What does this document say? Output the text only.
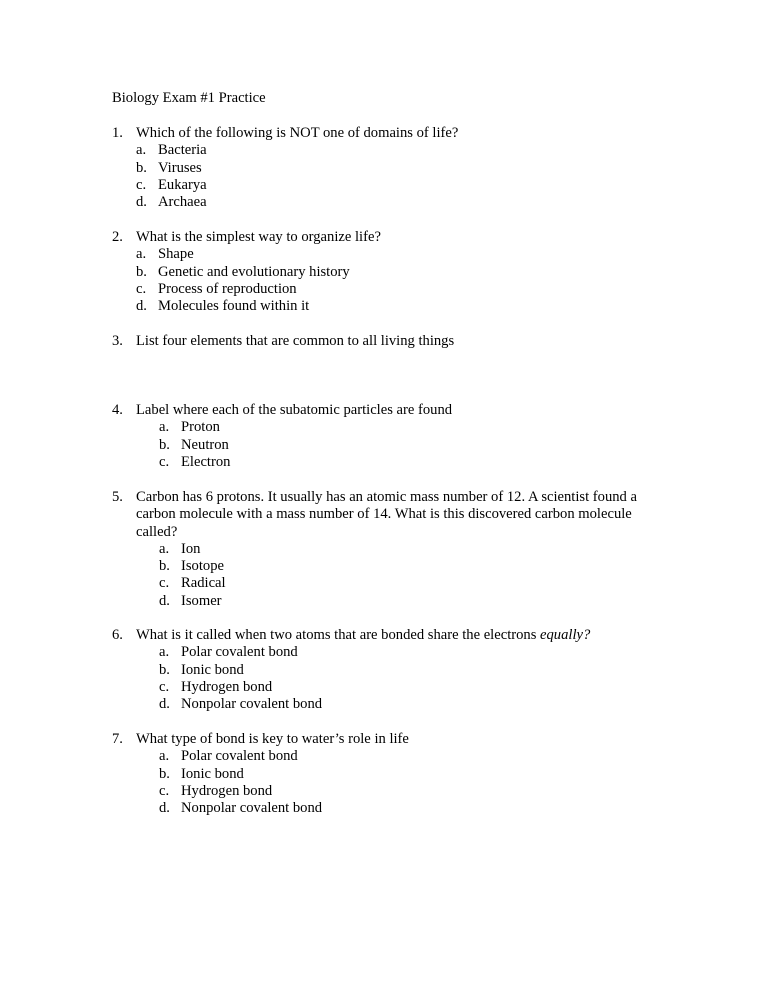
Biology Exam #1 Practice
1. Which of the following is NOT one of domains of life?
a. Bacteria
b. Viruses
c. Eukarya
d. Archaea
2. What is the simplest way to organize life?
a. Shape
b. Genetic and evolutionary history
c. Process of reproduction
d. Molecules found within it
3. List four elements that are common to all living things
4. Label where each of the subatomic particles are found
a. Proton
b. Neutron
c. Electron
5. Carbon has 6 protons. It usually has an atomic mass number of 12. A scientist found a carbon molecule with a mass number of 14. What is this discovered carbon molecule called?
a. Ion
b. Isotope
c. Radical
d. Isomer
6. What is it called when two atoms that are bonded share the electrons equally?
a. Polar covalent bond
b. Ionic bond
c. Hydrogen bond
d. Nonpolar covalent bond
7. What type of bond is key to water’s role in life
a. Polar covalent bond
b. Ionic bond
c. Hydrogen bond
d. Nonpolar covalent bond
